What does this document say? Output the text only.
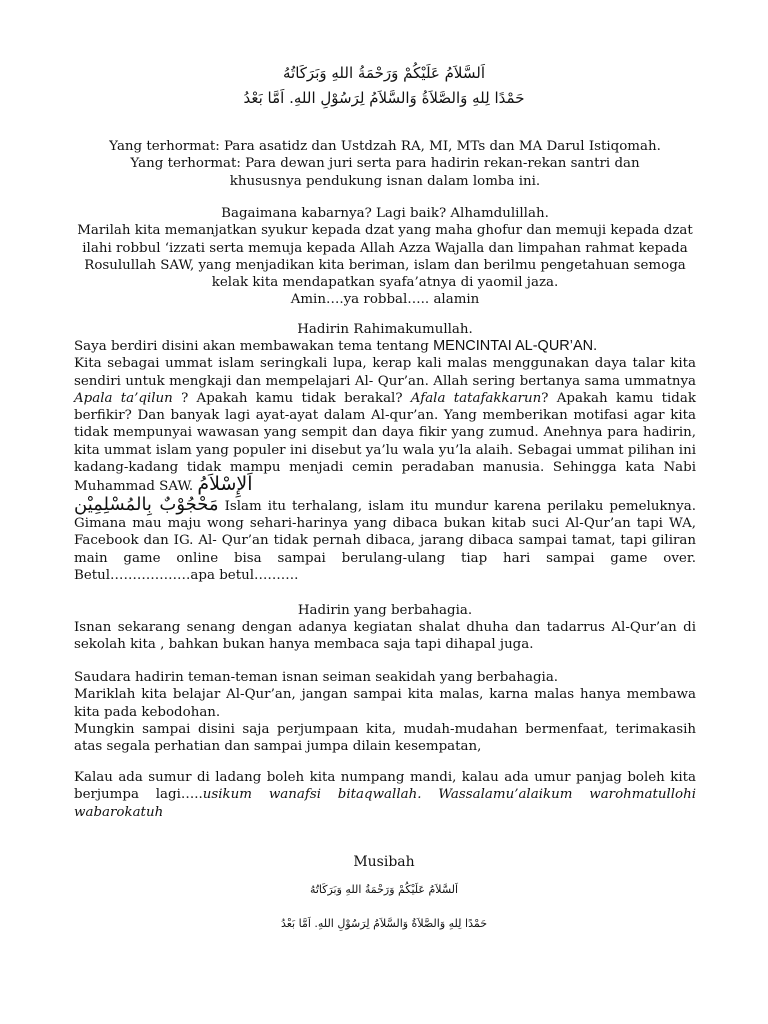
اَلسَّلاَمُ عَلَيْكُمْ وَرَحْمَةُ اللهِ وَبَرَكَاتُهُ
حَمْدًا لِلهِ وَالصَّلاَةُ وَالسَّلاَمُ لِرَسُوْلِ اللهِ. اَمَّا بَعْدُ

Yang terhormat: Para asatidz dan Ustdzah RA, MI, MTs dan MA Darul Istiqomah.

Yang terhormat: Para dewan juri serta para hadirin rekan-rekan santri dan

khususnya pendukung isnan dalam lomba ini.

Bagaimana kabarnya? Lagi baik? Alhamdulillah.

Marilah kita memanjatkan syukur kepada dzat yang maha ghofur dan memuji kepada dzat ilahi robbul ‘izzati serta memuja kepada Allah Azza Wajalla dan limpahan rahmat kepada Rosulullah SAW, yang menjadikan kita beriman, islam dan berilmu pengetahuan semoga kelak kita mendapatkan syafa’atnya di yaomil jaza.

Amin….ya robbal….. alamin

Hadirin Rahimakumullah.

Saya berdiri disini akan membawakan tema tentang MENCINTAI AL-QUR’AN.

Kita sebagai ummat islam seringkali lupa, kerap kali malas menggunakan daya talar kita sendiri untuk mengkaji dan mempelajari Al- Qur’an. Allah sering bertanya sama ummatnya Apala ta’qilun ? Apakah kamu tidak berakal? Afala tatafakkarun? Apakah kamu tidak berfikir? Dan banyak lagi ayat-ayat dalam Al-qur’an. Yang memberikan motifasi agar kita tidak mempunyai wawasan yang sempit dan daya fikir yang zumud. Anehnya para hadirin, kita ummat islam yang populer ini disebut ya’lu wala yu’la alaih. Sebagai ummat pilihan ini kadang-kadang tidak mampu menjadi cemin peradaban manusia. Sehingga kata Nabi Muhammad SAW. اَلإِسْلاَمُ
مَحْجُوْبٌ بِالمُسْلِمِيْن Islam itu terhalang, islam itu mundur karena perilaku pemeluknya. Gimana mau maju wong sehari-harinya yang dibaca bukan kitab suci Al-Qur’an tapi WA, Facebook dan IG. Al- Qur’an tidak pernah dibaca, jarang dibaca sampai tamat, tapi giliran main game online bisa sampai berulang-ulang tiap hari sampai game over. Betul………………apa betul……….

Hadirin yang berbahagia.
Isnan sekarang senang dengan adanya kegiatan shalat dhuha dan tadarrus Al-Qur’an di sekolah kita , bahkan bukan hanya membaca saja tapi dihapal juga.

Saudara hadirin teman-teman isnan seiman seakidah yang berbahagia.

Mariklah kita belajar Al-Qur’an, jangan sampai kita malas, karna malas hanya membawa kita pada kebodohan.

Mungkin sampai disini saja perjumpaan kita, mudah-mudahan bermenfaat, terimakasih atas segala perhatian dan sampai jumpa dilain kesempatan,

Kalau ada sumur di ladang boleh kita numpang mandi, kalau ada umur panjag boleh kita berjumpa lagi…..usikum wanafsi bitaqwallah. Wassalamu’alaikum warohmatullohi wabarokatuh
Musibah
اَلسَّلاَمُ عَلَيْكُمْ وَرَحْمَةُ اللهِ وَبَرَكَاتُهُ
حَمْدًا لِلهِ وَالصَّلاَةُ وَالسَّلاَمُ لِرَسُوْلِ اللهِ. اَمَّا بَعْدُ
